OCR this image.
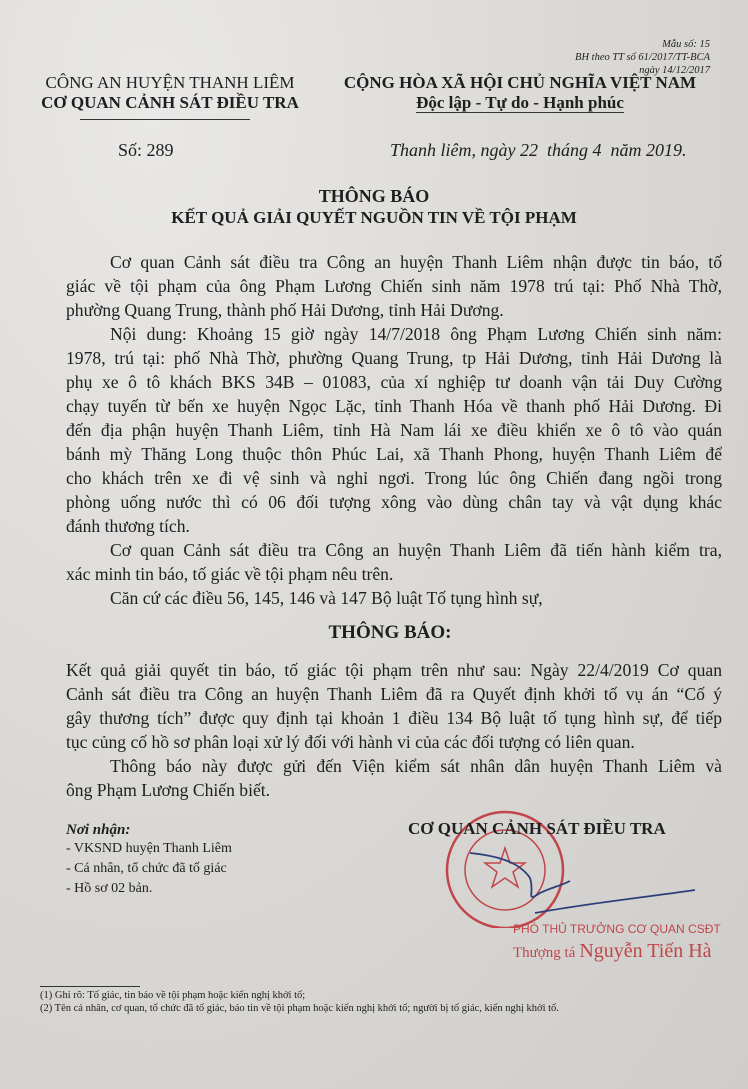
Mẫu số: 15
BH theo TT số 61/2017/TT-BCA
ngày 14/12/2017
CÔNG AN HUYỆN THANH LIÊM
CƠ QUAN CẢNH SÁT ĐIỀU TRA
CỘNG HÒA XÃ HỘI CHỦ NGHĨA VIỆT NAM
Độc lập - Tự do - Hạnh phúc
Số: 289	Thanh liêm, ngày 22  tháng 4  năm 2019.
THÔNG BÁO
KẾT QUẢ GIẢI QUYẾT NGUỒN TIN VỀ TỘI PHẠM
Cơ quan Cảnh sát điều tra Công an huyện Thanh Liêm nhận được tin báo, tố
giác về tội phạm của ông Phạm Lương Chiến sinh năm 1978 trú tại: Phố Nhà Thờ,
phường Quang Trung, thành phố Hải Dương, tỉnh Hải Dương.
Nội dung: Khoảng 15 giờ ngày 14/7/2018 ông Phạm Lương Chiến sinh năm:
1978, trú tại: phố Nhà Thờ, phường Quang Trung, tp Hải Dương, tỉnh Hải Dương là
phụ xe ô tô khách BKS 34B – 01083, của xí nghiệp tư doanh vận tải Duy Cường
chạy tuyến từ bến xe huyện Ngọc Lặc, tỉnh Thanh Hóa về thanh phố Hải Dương. Đi
đến địa phận huyện Thanh Liêm, tỉnh Hà Nam lái xe điều khiển xe ô tô vào quán
bánh mỳ Thăng Long thuộc thôn Phúc Lai, xã Thanh Phong, huyện Thanh Liêm để
cho khách trên xe đi vệ sinh và nghỉ ngơi. Trong lúc ông Chiến đang ngồi trong
phòng uống nước thì có 06 đối tượng xông vào dùng chân tay và vật dụng khác
đánh thương tích.
Cơ quan Cảnh sát điều tra Công an huyện Thanh Liêm đã tiến hành kiểm tra,
xác minh tin báo, tố giác về tội phạm nêu trên.
Căn cứ các điều 56, 145, 146 và 147 Bộ luật Tố tụng hình sự,
Kết quả giải quyết tin báo, tố giác tội phạm trên như sau: Ngày 22/4/2019 Cơ quan
Cảnh sát điều tra Công an huyện Thanh Liêm đã ra Quyết định khởi tố vụ án “Cố ý
gây thương tích” được quy định tại khoản 1 điều 134 Bộ luật tố tụng hình sự, để tiếp
tục củng cố hồ sơ phân loại xử lý đối với hành vi của các đối tượng có liên quan.
Thông báo này được gửi đến Viện kiểm sát nhân dân huyện Thanh Liêm và
ông Phạm Lương Chiến biết.
THÔNG BÁO:
Nơi nhận:
- VKSND huyện Thanh Liêm
- Cá nhân, tổ chức đã tố giác
- Hồ sơ 02 bản.
CƠ QUAN CẢNH SÁT ĐIỀU TRA
PHÓ THỦ TRƯỞNG CƠ QUAN CSĐT
Thượng tá Nguyễn Tiến Hà
(1) Ghi rõ: Tố giác, tin báo về tội phạm hoặc kiến nghị khởi tố;
(2) Tên cá nhân, cơ quan, tổ chức đã tố giác, báo tin về tội phạm hoặc kiến nghị khởi tố; người bị tố giác, kiến nghị khởi tố.
